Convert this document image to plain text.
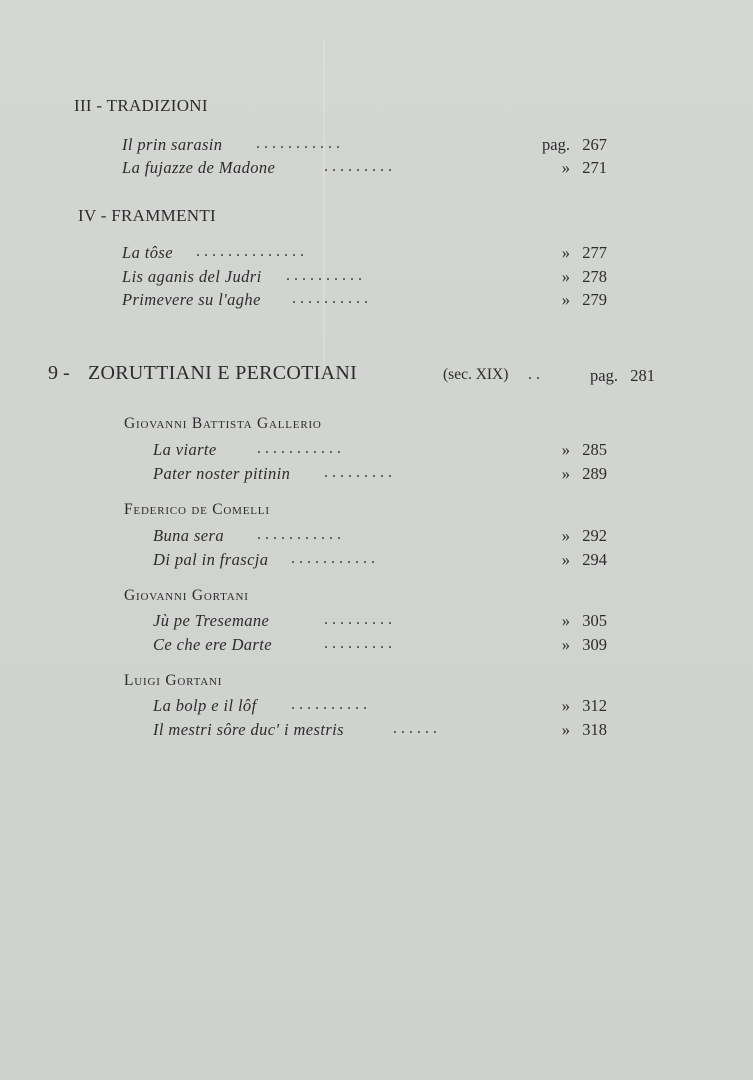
III - TRADIZIONI
Il prin sarasin . . . . . . . . . . .	pag. 267
La fujazze de Madone	. . . . . . . . .	» 271
IV - FRAMMENTI
La tôse . . . . . . . . . . . . . .	» 277
Lis aganis del Judri . . . . . . . . . .	» 278
Primevere su l'aghe . . . . . . . . . .	» 279
9 - ZORUTTIANI E PERCOTIANI	(sec. XIX) . .	pag. 281
Giovanni Battista Gallerio
La viarte	. . . . . . . . . . .	» 285
Pater noster pitinin . . . . . . . . .	» 289
Federico de Comelli
Buna sera . . . . . . . . . . .	» 292
Di pal in frascja . . . . . . . . . . .	» 294
Giovanni Gortani
Jù pe Tresemane	. . . . . . . . .	» 305
Ce che ere Darte	. . . . . . . . .	» 309
Luigi Gortani
La bolp e il lôf . . . . . . . . . .	» 312
Il mestri sôre duc' i mestris	. . . . . .	» 318
